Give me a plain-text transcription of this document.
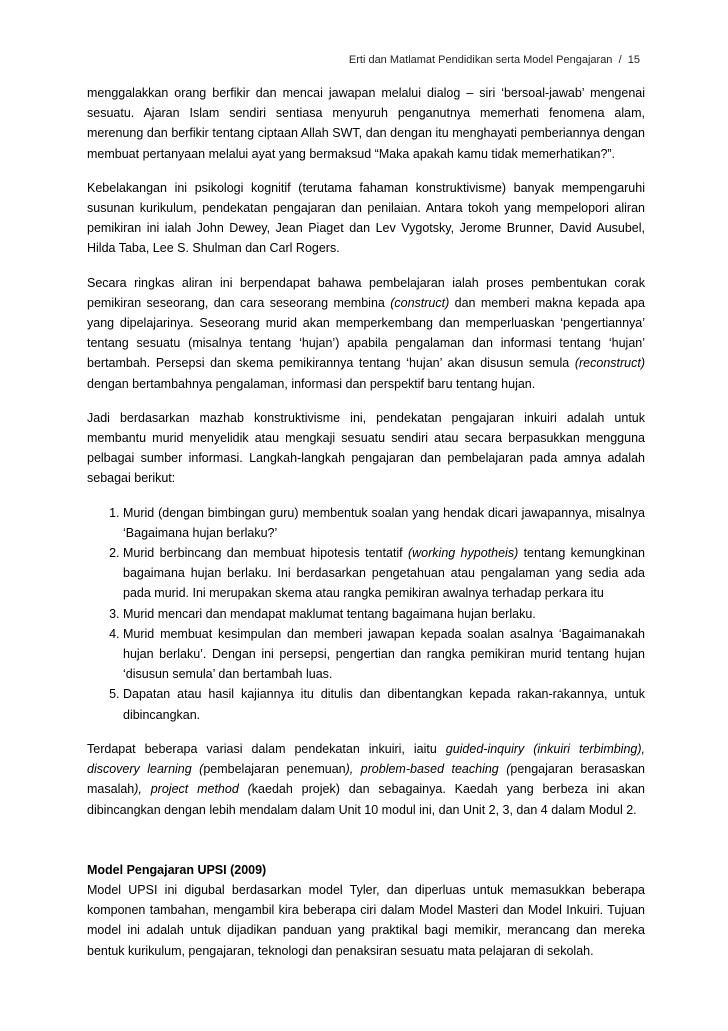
Erti dan Matlamat Pendidikan serta Model Pengajaran / 15

menggalakkan orang berfikir dan mencai jawapan melalui dialog – siri ‘bersoal-jawab’ mengenai sesuatu. Ajaran Islam sendiri sentiasa menyuruh penganutnya memerhati fenomena alam, merenung dan berfikir tentang ciptaan Allah SWT, dan dengan itu menghayati pemberiannya dengan membuat pertanyaan melalui ayat yang bermaksud “Maka apakah kamu tidak memerhatikan?”.

Kebelakangan ini psikologi kognitif (terutama fahaman konstruktivisme) banyak mempengaruhi susunan kurikulum, pendekatan pengajaran dan penilaian. Antara tokoh yang mempelopori aliran pemikiran ini ialah John Dewey, Jean Piaget dan Lev Vygotsky, Jerome Brunner, David Ausubel, Hilda Taba, Lee S. Shulman dan Carl Rogers.

Secara ringkas aliran ini berpendapat bahawa pembelajaran ialah proses pembentukan corak pemikiran seseorang, dan cara seseorang membina (construct) dan memberi makna kepada apa yang dipelajarinya. Seseorang murid akan memperkembang dan memperluaskan ‘pengertiannya’ tentang sesuatu (misalnya tentang ‘hujan’) apabila pengalaman dan informasi tentang ‘hujan’ bertambah. Persepsi dan skema pemikirannya tentang ‘hujan’ akan disusun semula (reconstruct) dengan bertambahnya pengalaman, informasi dan perspektif baru tentang hujan.

Jadi berdasarkan mazhab konstruktivisme ini, pendekatan pengajaran inkuiri adalah untuk membantu murid menyelidik atau mengkaji sesuatu sendiri atau secara berpasukkan mengguna pelbagai sumber informasi. Langkah-langkah pengajaran dan pembelajaran pada amnya adalah sebagai berikut:

1. Murid (dengan bimbingan guru) membentuk soalan yang hendak dicari jawapannya, misalnya ‘Bagaimana hujan berlaku?’
2. Murid berbincang dan membuat hipotesis tentatif (working hypotheis) tentang kemungkinan bagaimana hujan berlaku. Ini berdasarkan pengetahuan atau pengalaman yang sedia ada pada murid. Ini merupakan skema atau rangka pemikiran awalnya terhadap perkara itu
3. Murid mencari dan mendapat maklumat tentang bagaimana hujan berlaku.
4. Murid membuat kesimpulan dan memberi jawapan kepada soalan asalnya ‘Bagaimanakah hujan berlaku’. Dengan ini persepsi, pengertian dan rangka pemikiran murid tentang hujan ‘disusun semula’ dan bertambah luas.
5. Dapatan atau hasil kajiannya itu ditulis dan dibentangkan kepada rakan-rakannya, untuk dibincangkan.

Terdapat beberapa variasi dalam pendekatan inkuiri, iaitu guided-inquiry (inkuiri terbimbing), discovery learning (pembelajaran penemuan), problem-based teaching (pengajaran berasaskan masalah), project method (kaedah projek) dan sebagainya. Kaedah yang berbeza ini akan dibincangkan dengan lebih mendalam dalam Unit 10 modul ini, dan Unit 2, 3, dan 4 dalam Modul 2.

Model Pengajaran UPSI (2009)

Model UPSI ini digubal berdasarkan model Tyler, dan diperluas untuk memasukkan beberapa komponen tambahan, mengambil kira beberapa ciri dalam Model Masteri dan Model Inkuiri. Tujuan model ini adalah untuk dijadikan panduan yang praktikal bagi memikir, merancang dan mereka bentuk kurikulum, pengajaran, teknologi dan penaksiran sesuatu mata pelajaran di sekolah.
